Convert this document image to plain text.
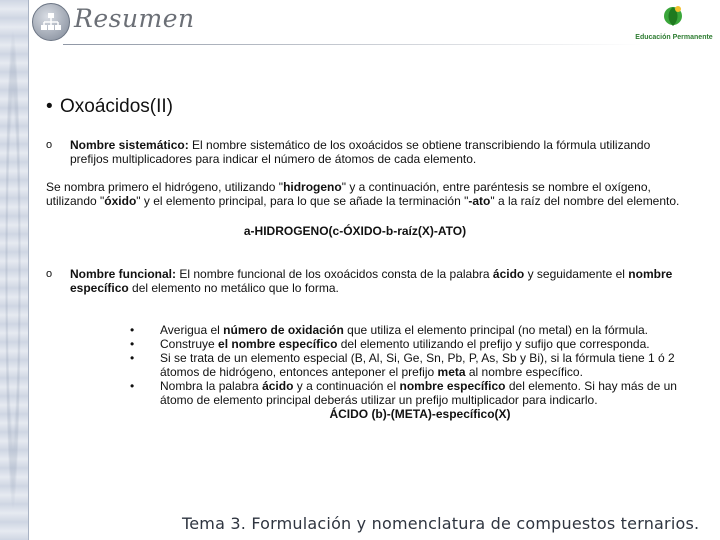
Resumen
Educación Permanente
• Oxoácidos(II)
o Nombre sistemático: El nombre sistemático de los oxoácidos se obtiene transcribiendo la fórmula utilizando prefijos multiplicadores para indicar el número de átomos de cada elemento.
Se nombra primero el hidrógeno, utilizando "hidrogeno" y a continuación, entre paréntesis se nombre el oxígeno, utilizando "óxido" y el elemento principal, para lo que se añade la terminación "-ato" a la raíz del nombre del elemento.
a-HIDROGENO(c-ÓXIDO-b-raíz(X)-ATO)
o Nombre funcional: El nombre funcional de los oxoácidos consta de la palabra ácido y seguidamente el nombre específico del elemento no metálico que lo forma.
• Averigua el número de oxidación que utiliza el elemento principal (no metal) en la fórmula.
• Construye el nombre específico del elemento utilizando el prefijo y sufijo que corresponda.
• Si se trata de un elemento especial (B, Al, Si, Ge, Sn, Pb, P, As, Sb y Bi), si la fórmula tiene 1 ó 2 átomos de hidrógeno, entonces anteponer el prefijo meta al nombre específico.
• Nombra la palabra ácido y a continuación el nombre específico del elemento. Si hay más de un átomo de elemento principal deberás utilizar un prefijo multiplicador para indicarlo.
ÁCIDO (b)-(META)-específico(X)
Tema 3. Formulación y nomenclatura de compuestos ternarios.
